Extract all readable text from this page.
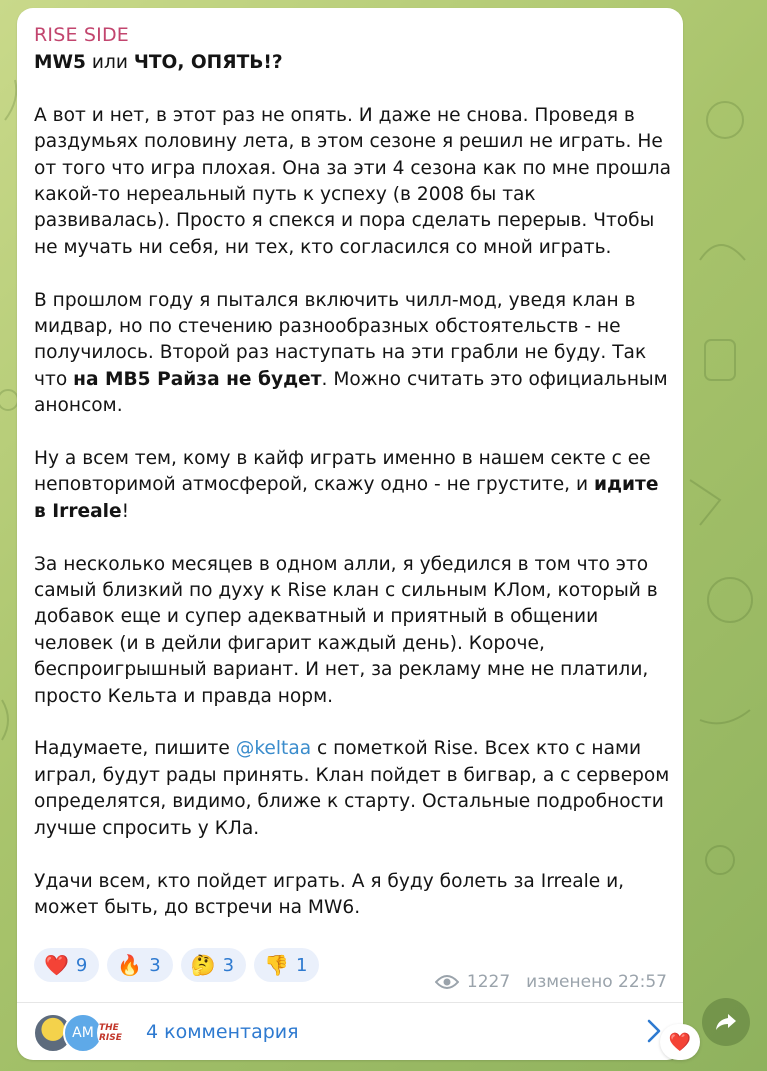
RISE SIDE

MW5 или ЧТО, ОПЯТЬ!?

А вот и нет, в этот раз не опять. И даже не снова. Проведя в раздумьях половину лета, в этом сезоне я решил не играть. Не от того что игра плохая. Она за эти 4 сезона как по мне прошла какой-то нереальный путь к успеху (в 2008 бы так развивалась). Просто я спекся и пора сделать перерыв. Чтобы не мучать ни себя, ни тех, кто согласился со мной играть.

В прошлом году я пытался включить чилл-мод, уведя клан в мидвар, но по стечению разнообразных обстоятельств - не получилось. Второй раз наступать на эти грабли не буду. Так что на МВ5 Райза не будет. Можно считать это официальным анонсом.

Ну а всем тем, кому в кайф играть именно в нашем секте с ее неповторимой атмосферой, скажу одно - не грустите, и идите в Irreale!

За несколько месяцев в одном алли, я убедился в том что это самый близкий по духу к Rise клан с сильным КЛом, который в добавок еще и супер адекватный и приятный в общении человек (и в дейли фигарит каждый день). Короче, беспроигрышный вариант. И нет, за рекламу мне не платили, просто Кельта и правда норм.

Надумаете, пишите @keltaa с пометкой Rise. Всех кто с нами играл, будут рады принять. Клан пойдет в бигвар, а с сервером определятся, видимо, ближе к старту. Остальные подробности лучше спросить у КЛа.

Удачи всем, кто пойдет играть. А я буду болеть за Irreale и, может быть, до встречи на MW6.

❤️ 9 🔥 3 🤔 3 👎 1
1227 изменено 22:57
AM THE RISE	4 комментария	❤️
